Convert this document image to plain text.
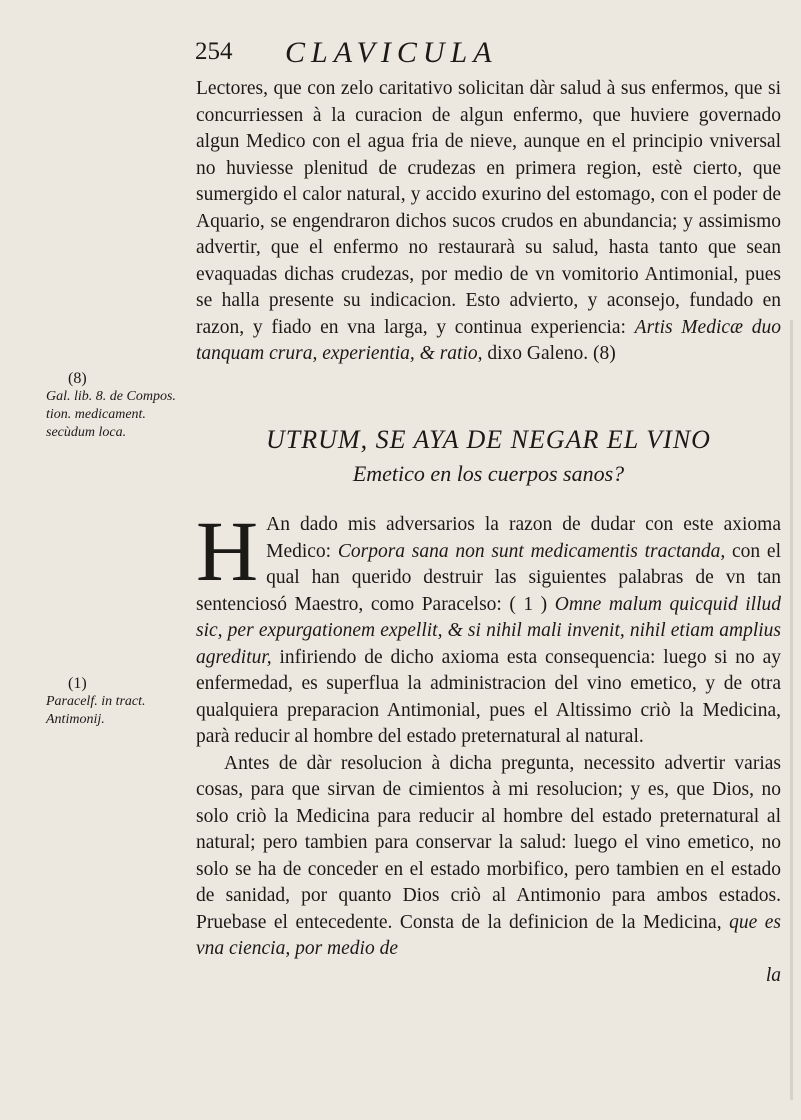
254 CLAVICULA

Lectores, que con zelo caritativo solicitan dàr salud à sus enfermos, que si concurriessen à la curacion de algun enfermo, que huviere governado algun Medico con el agua fria de nieve, aunque en el principio vniversal no huviesse plenitud de crudezas en primera region, estè cierto, que sumergido el calor natural, y accido exurino del estomago, con el poder de Aquario, se engendraron dichos sucos crudos en abundancia; y assimismo advertir, que el enfermo no restaurarà su salud, hasta tanto que sean evaquadas dichas crudezas, por medio de vn vomitorio Antimonial, pues se halla presente su indicacion. Esto advierto, y aconsejo, fundado en razon, y fiado en vna larga, y continua experiencia: Artis Medicæ duo tanquam crura, experientia, & ratio, dixo Galeno. (8)

UTRUM, SE AYA DE NEGAR EL VINO
Emetico en los cuerpos sanos?

H An dado mis adversarios la razon de dudar con este axioma Medico: Corpora sana non sunt medicamentis tractanda, con el qual han querido destruir las siguientes palabras de vn tan sentenciosó Maestro, como Paracelso: ( 1 ) Omne malum quicquid illud sic, per expurgationem expellit, & si nihil mali invenit, nihil etiam amplius agreditur, infiriendo de dicho axioma esta consequencia: luego si no ay enfermedad, es superflua la administracion del vino emetico, y de otra qualquiera preparacion Antimonial, pues el Altissimo criò la Medicina, parà reducir al hombre del estado preternatural al natural.

Antes de dàr resolucion à dicha pregunta, necessito advertir varias cosas, para que sirvan de cimientos à mi resolucion; y es, que Dios, no solo criò la Medicina para reducir al hombre del estado preternatural al natural; pero tambien para conservar la salud: luego el vino emetico, no solo se ha de conceder en el estado morbifico, pero tambien en el estado de sanidad, por quanto Dios criò al Antimonio para ambos estados. Pruebase el entecedente. Consta de la definicion de la Medicina, que es vna ciencia, por medio de

la

(8)
Gal. lib. 8. de Compos. tion. medicament. secùdum loca.
(1)
Paracelf. in tract. Antimonij.
